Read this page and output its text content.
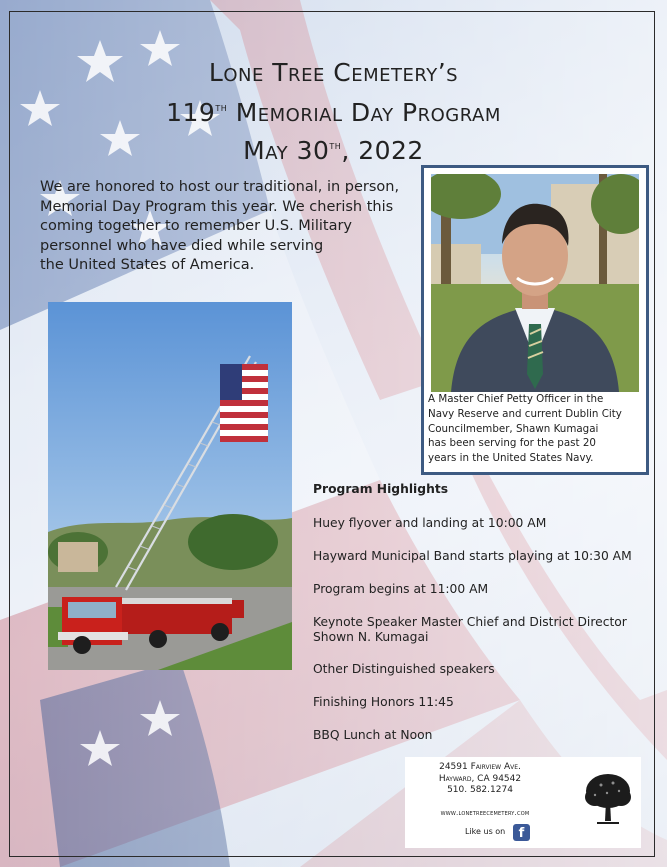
Lone Tree Cemetery’s
119th Memorial Day Program
May 30th, 2022
We are honored to host our traditional, in person,
Memorial Day Program this year. We cherish this
coming together to remember U.S. Military
personnel who have died while serving
the United States of America.
A Master Chief Petty Officer in the
Navy Reserve and current Dublin City
Councilmember, Shawn Kumagai
has been serving for the past 20
years in the United States Navy.
Program Highlights
Huey flyover and landing at 10:00 AM
Hayward Municipal Band starts playing at 10:30 AM
Program begins at 11:00 AM
Keynote Speaker Master Chief and District Director
Shown N. Kumagai
Other Distinguished speakers
Finishing Honors 11:45
BBQ Lunch at Noon
24591 Fairview Ave.
Hayward, CA 94542
510. 582.1274
www.lonetreecemetery.com
Like us on	f
